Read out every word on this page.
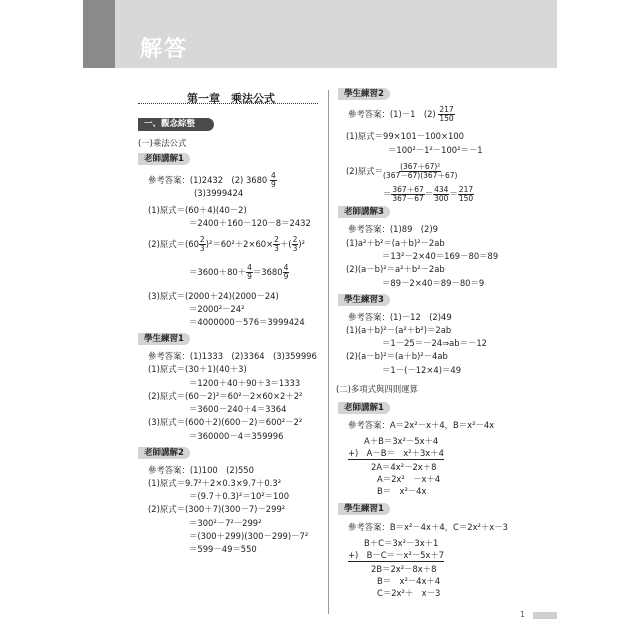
解答
第一章　乘法公式
一、觀念綜整
(一)乘法公式
老師講解1
參考答案：(1)2432　(2) $3680 \frac{4}{9}$
(3)3999424
(1)原式＝(60＋4)(40－2)
＝2400＋160－120－8＝2432
(2)原式$=(60 \frac{2}{3} )^2=60^2+2\times 60\times \frac{2}{3}$ ＋( $\frac{2}{3} )^2$
$=3600+80+ \frac{4}{9} =3680 \frac{4}{9}$
(3)原式＝(2000＋24)(2000－24)
＝2000²－24²
＝4000000－576＝3999424
學生練習1
參考答案：(1)1333　(2)3364　(3)359996
(1)原式＝(30＋1)(40＋3)
＝1200＋40＋90＋3＝1333
(2)原式＝(60－2)²＝60²－2×60×2＋2²
＝3600－240＋4＝3364
(3)原式＝(600＋2)(600－2)＝600²－2²
＝360000－4＝359996
老師講解2
參考答案：(1)100　(2)550
(1)原式＝9.7²＋2×0.3×9.7＋0.3²
＝(9.7＋0.3)²＝10²＝100
(2)原式＝(300＋7)(300－7)－299²
＝300²－7²－299²
＝(300＋299)(300－299)－7²
＝599－49＝550
學生練習2
參考答案：(1)－1　$(2) \frac{217}{150}$
(1)原式＝99×101－100×100
＝100²－1²－100²＝－1
(2)原式＝ $\frac{\text{(367＋67)²}}{(367-67)(367+67)}$
＝ $\frac{367+67}{367-67} = \frac{434}{300} = \frac{217}{150}$
老師講解3
參考答案：(1)89　(2)9
(1)a²＋b²＝(a＋b)²－2ab
＝13²－2×40＝169－80＝89
(2)(a－b)²＝a²＋b²－2ab
＝89－2×40＝89－80＝9
學生練習3
參考答案：(1)－12　(2)49
(1)(a＋b)²－(a²＋b²)＝2ab
＝1－25＝－24⇒ab＝－12
(2)(a－b)²＝(a＋b)²－4ab
＝1－(－12×4)＝49
(二)多項式與四則運算
老師講解1
參考答案：A＝2x²－x＋4，B＝x²－4x
A＋B＝3x²－5x＋4
+)　A－B＝　x²＋3x＋4
2A＝4x²－2x＋8
A＝2x²　－x＋4
B＝　x²－4x
學生練習1
參考答案：B＝x²－4x＋4，C＝2x²＋x－3
B＋C＝3x²－3x＋1
+)　B－C＝－x²－5x＋7
2B＝2x²－8x＋8
B＝　x²－4x＋4
C＝2x²＋　x－3
1
